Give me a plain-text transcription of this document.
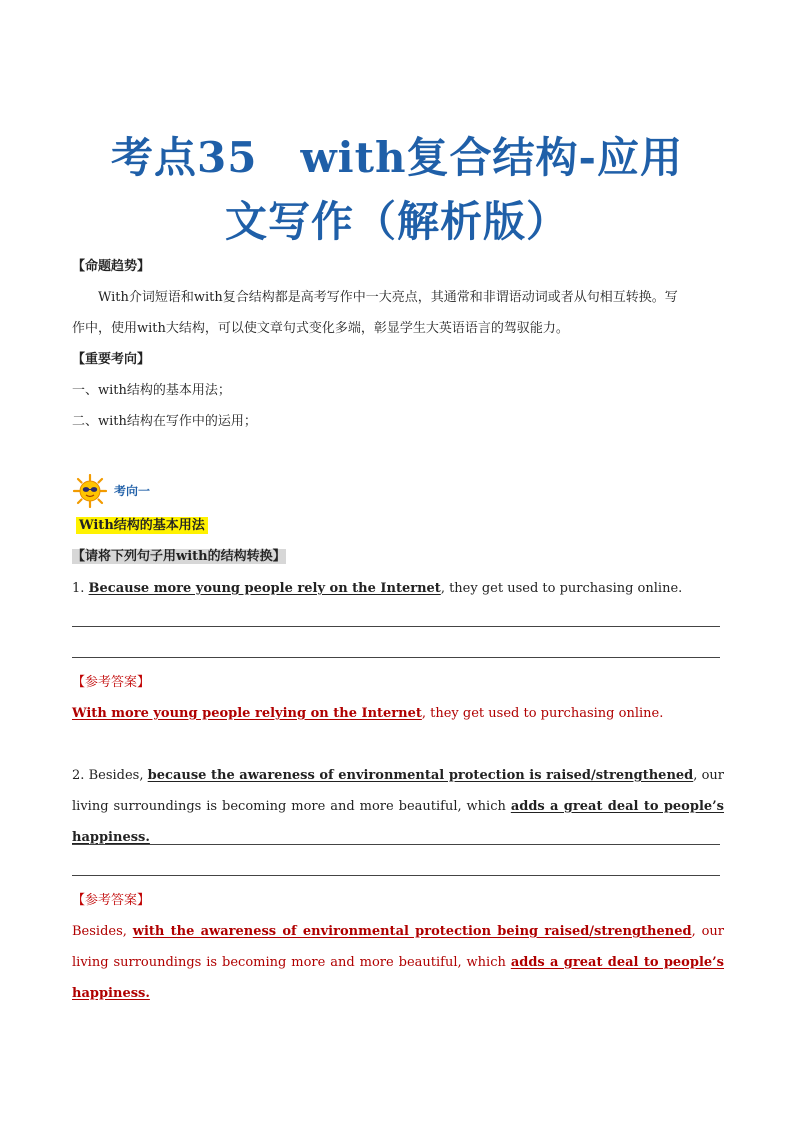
考点35　with复合结构-应用
文写作（解析版）
【命题趋势】
With介词短语和with复合结构都是高考写作中一大亮点，其通常和非谓语动词或者从句相互转换。写
作中，使用with大结构，可以使文章句式变化多端，彰显学生大英语语言的驾驭能力。
【重要考向】
一、with结构的基本用法；
二、with结构在写作中的运用；
考向一
With结构的基本用法
【请将下列句子用with的结构转换】
1. Because more young people rely on the Internet, they get used to purchasing online.
【参考答案】
With more young people relying on the Internet, they get used to purchasing online.
2. Besides, because the awareness of environmental protection is raised/strengthened, our living surroundings is becoming more and more beautiful, which adds a great deal to people’s happiness.
【参考答案】
Besides, with the awareness of environmental protection being raised/strengthened, our living surroundings is becoming more and more beautiful, which adds a great deal to people’s happiness.
